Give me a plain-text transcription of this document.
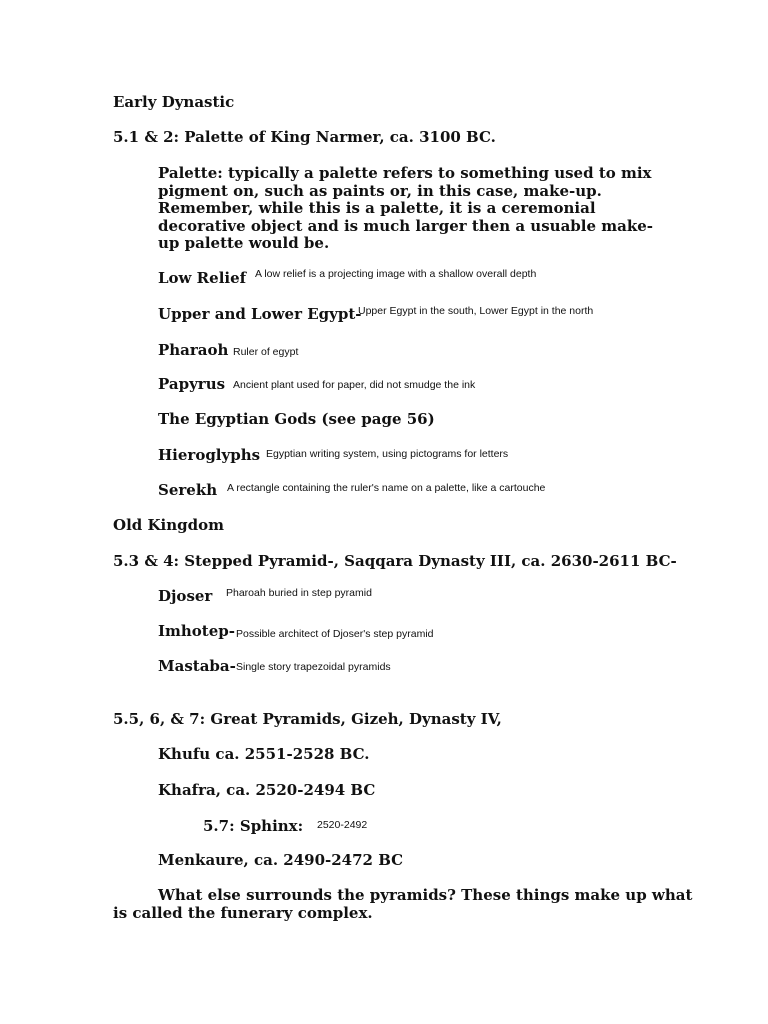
Early Dynastic
5.1 & 2: Palette of King Narmer, ca. 3100 BC.
Palette: typically a palette refers to something used to mix pigment on, such as paints or, in this case, make-up. Remember, while this is a palette, it is a ceremonial decorative object and is much larger then a usuable make-up palette would be.
Low Relief A low relief is a projecting image with a shallow overall depth
Upper and Lower Egypt-
Upper Egypt in the south, Lower Egypt in the north
Pharaoh Ruler of egypt
Papyrus Ancient plant used for paper, did not smudge the ink
The Egyptian Gods (see page 56)
Hieroglyphs Egyptian writing system, using pictograms for letters
Serekh A rectangle containing the ruler's name on a palette, like a cartouche
Old Kingdom
5.3 & 4: Stepped Pyramid-, Saqqara Dynasty III, ca. 2630-2611 BC-
Djoser Pharoah buried in step pyramid
Imhotep- Possible architect of Djoser's step pyramid
Mastaba- Single story trapezoidal pyramids
5.5, 6, & 7: Great Pyramids, Gizeh, Dynasty IV,
Khufu ca. 2551-2528 BC.
Khafra, ca. 2520-2494 BC
5.7: Sphinx: 2520-2492
Menkaure, ca. 2490-2472 BC
What else surrounds the pyramids? These things make up what
is called the funerary complex.
